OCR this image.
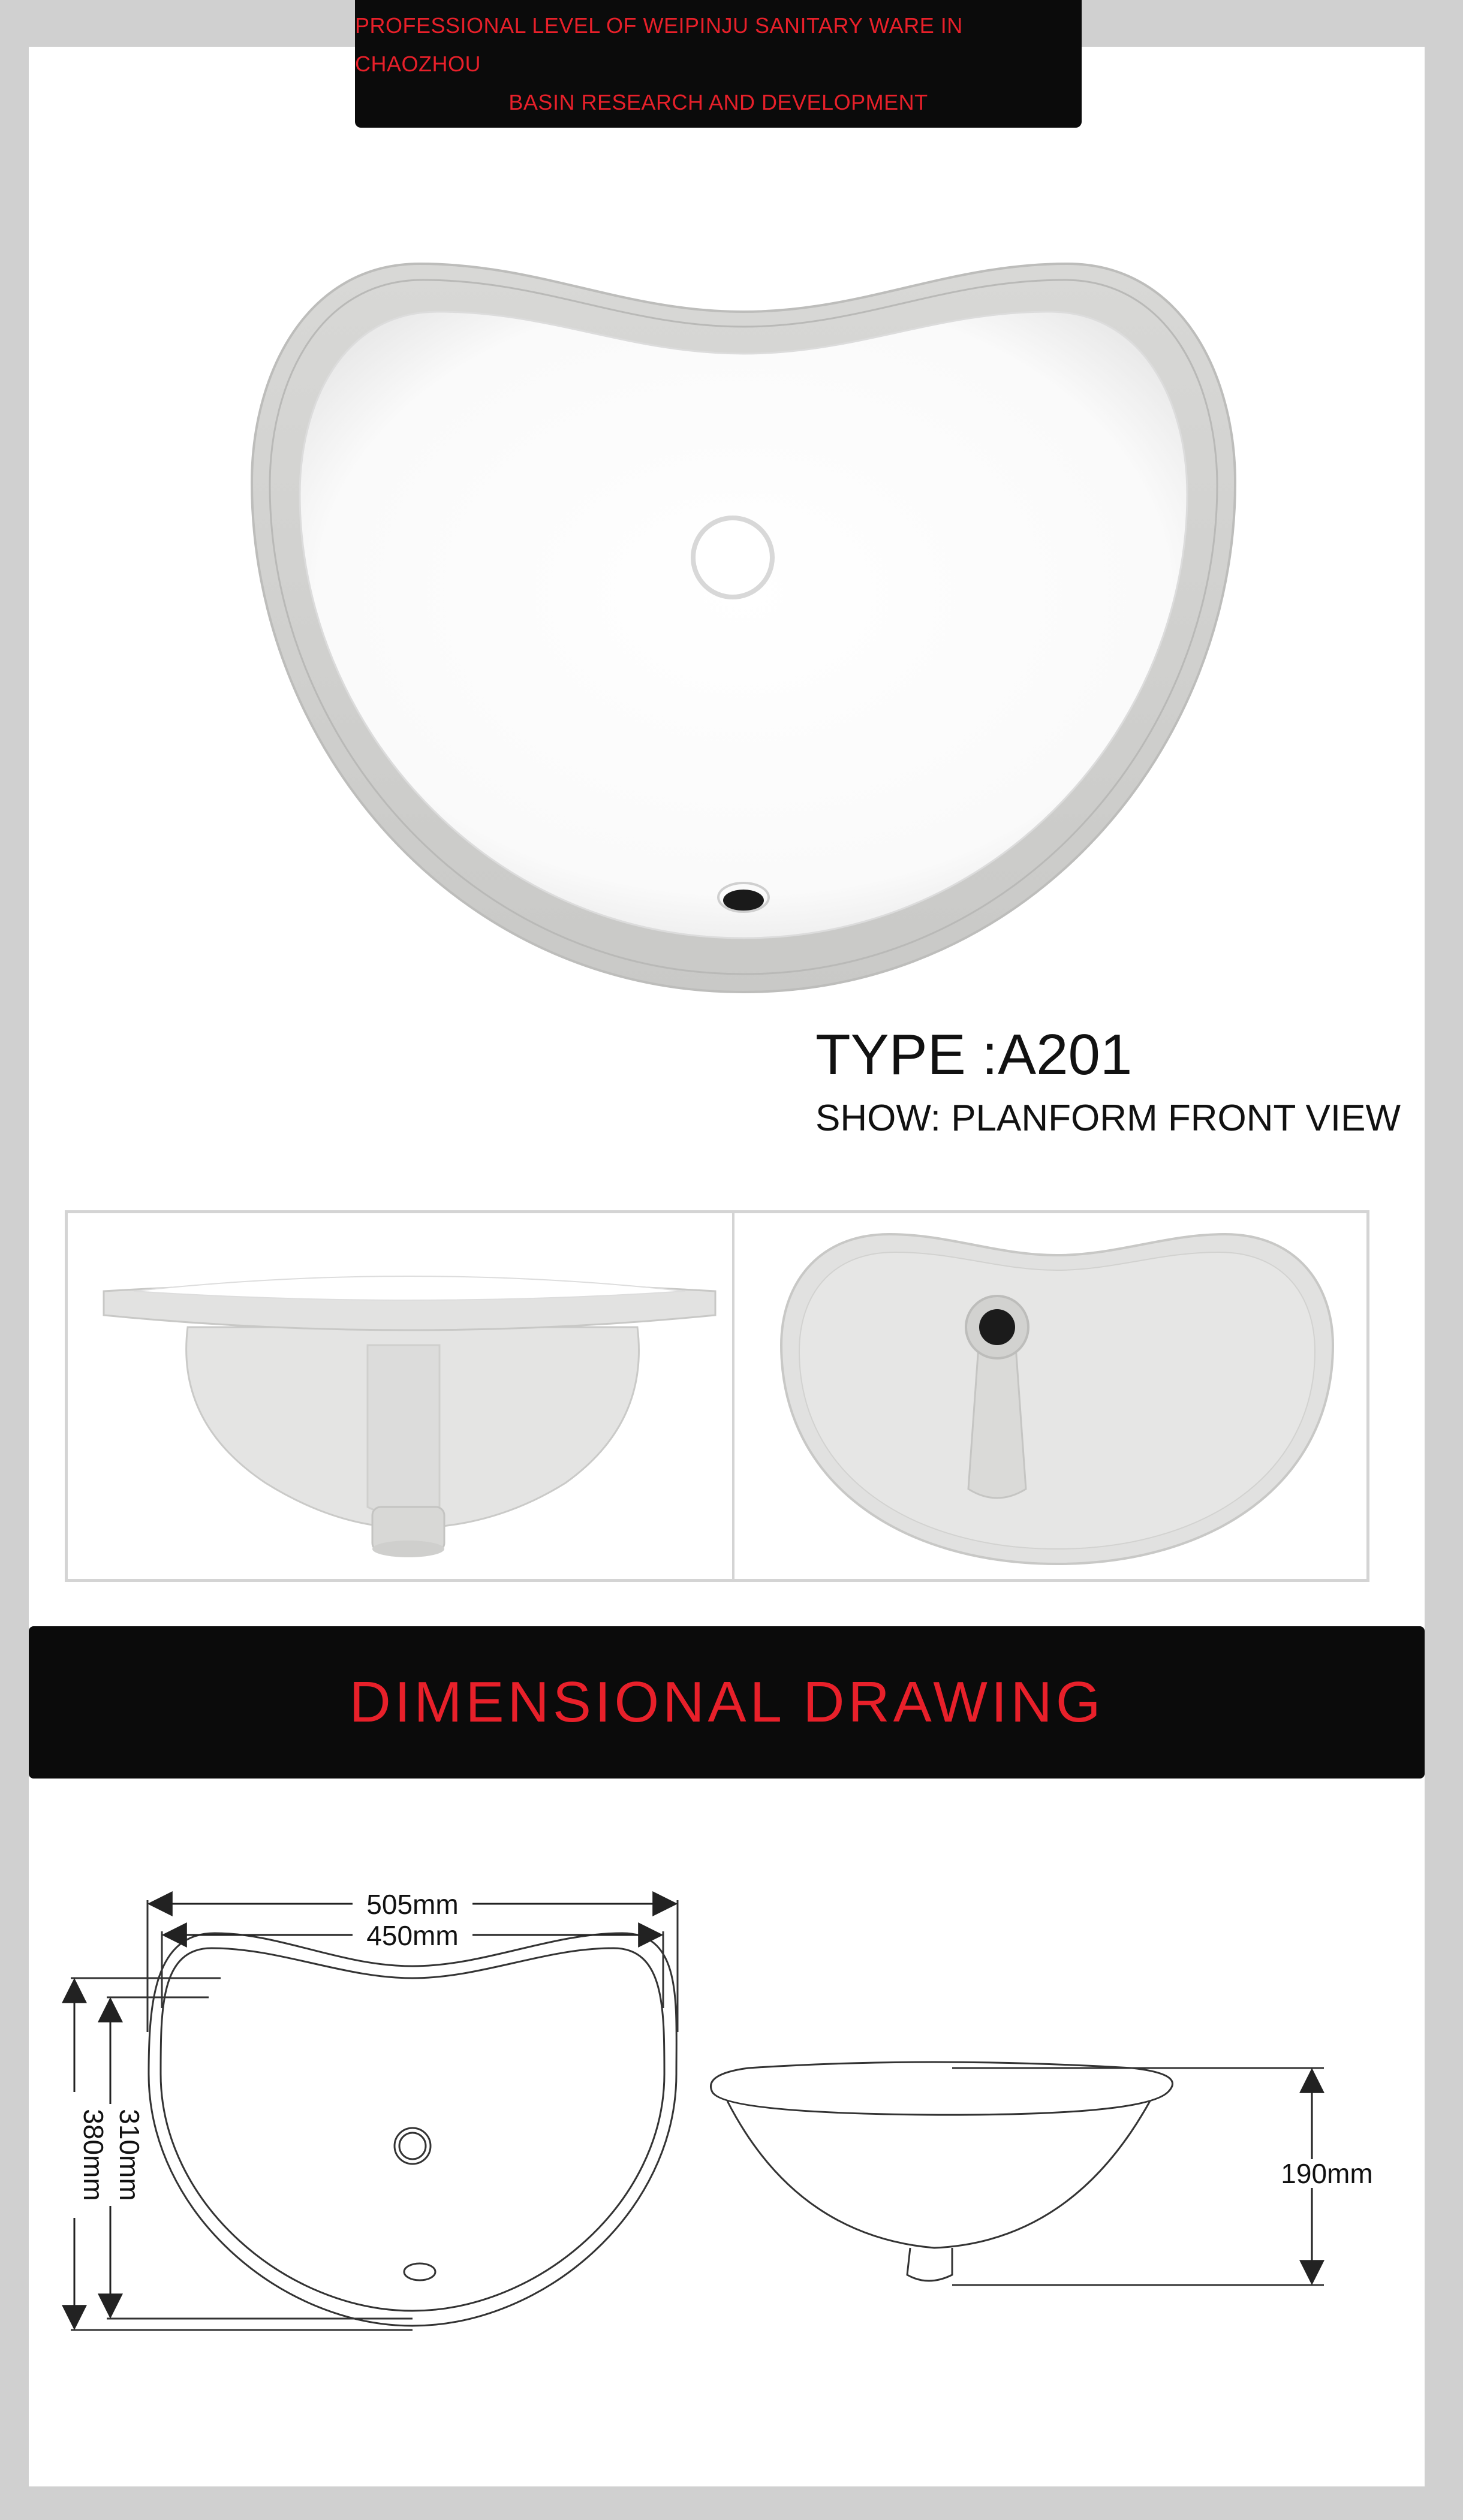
PROFESSIONAL LEVEL OF WEIPINJU SANITARY WARE IN CHAOZHOU
BASIN RESEARCH AND DEVELOPMENT
TYPE :A201
SHOW: PLANFORM FRONT VIEW
DIMENSIONAL DRAWING
505mm
450mm
380mm 310mm	190mm
